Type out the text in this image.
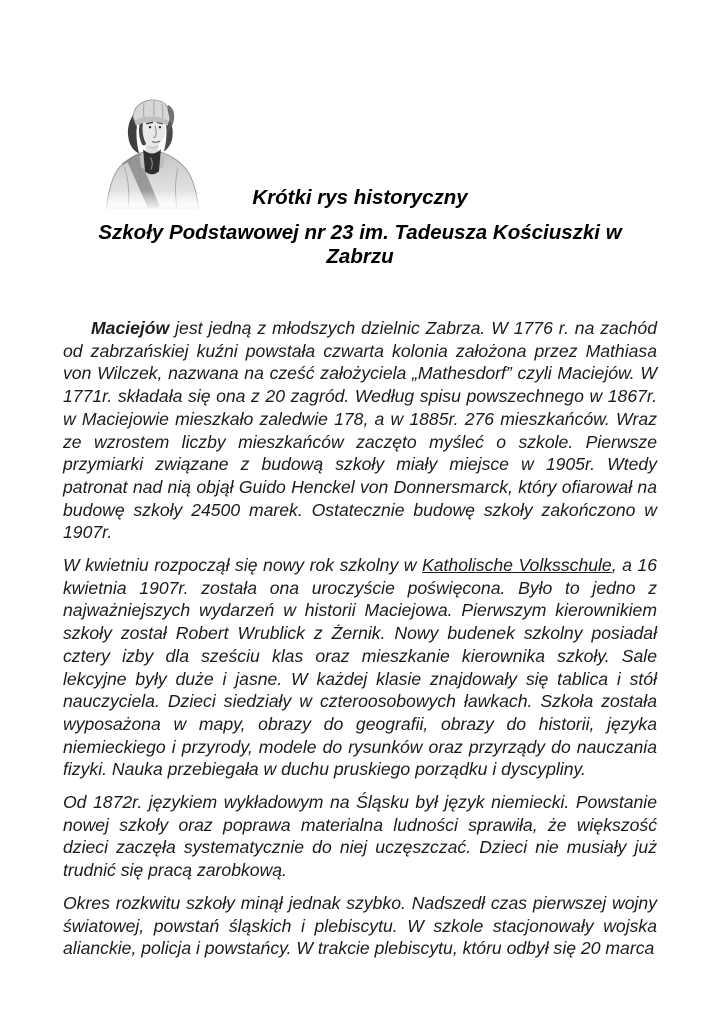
Krótki rys historyczny
Szkoły Podstawowej nr 23 im. Tadeusza Kościuszki w
Zabrzu

Maciejów jest jedną z młodszych dzielnic Zabrza. W 1776 r. na zachód od zabrzańskiej kuźni powstała czwarta kolonia założona przez Mathiasa von Wilczek, nazwana na cześć założyciela „Mathesdorf” czyli Maciejów. W 1771r. składała się ona z 20 zagród. Według spisu powszechnego w 1867r. w Maciejowie mieszkało zaledwie 178, a w 1885r. 276 mieszkańców. Wraz ze wzrostem liczby mieszkańców zaczęto myśleć o szkole. Pierwsze przymiarki związane z budową szkoły miały miejsce w 1905r. Wtedy patronat nad nią objął Guido Henckel von Donnersmarck, który ofiarował na budowę szkoły 24500 marek. Ostatecznie budowę szkoły zakończono w 1907r.

W kwietniu rozpoczął się nowy rok szkolny w Katholische Volksschule, a 16 kwietnia 1907r. została ona uroczyście poświęcona. Było to jedno z najważniejszych wydarzeń w historii Maciejowa. Pierwszym kierownikiem szkoły został Robert Wrublick z Żernik. Nowy budenek szkolny posiadał cztery izby dla sześciu klas oraz mieszkanie kierownika szkoły. Sale lekcyjne były duże i jasne. W każdej klasie znajdowały się tablica i stół nauczyciela. Dzieci siedziały w czteroosobowych ławkach. Szkoła została wyposażona w mapy, obrazy do geografii, obrazy do historii, języka niemieckiego i przyrody, modele do rysunków oraz przyrządy do nauczania fizyki. Nauka przebiegała w duchu pruskiego porządku i dyscypliny.

Od 1872r. językiem wykładowym na Śląsku był język niemiecki. Powstanie nowej szkoły oraz poprawa materialna ludności sprawiła, że większość dzieci zaczęła systematycznie do niej uczęszczać. Dzieci nie musiały już trudnić się pracą zarobkową.

Okres rozkwitu szkoły minął jednak szybko. Nadszedł czas pierwszej wojny światowej, powstań śląskich i plebiscytu. W szkole stacjonowały wojska alianckie, policja i powstańcy. W trakcie plebiscytu, któru odbył się 20 marca
